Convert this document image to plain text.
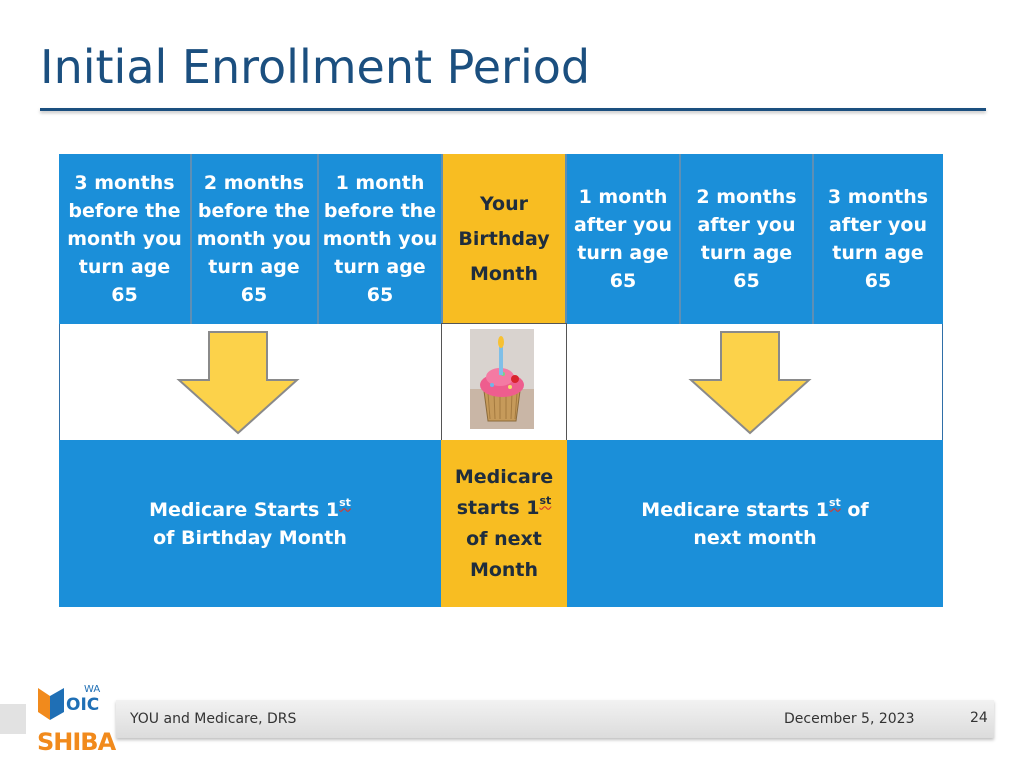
Initial Enrollment Period
3 months
before the
month you
turn age
65
2 months
before the
month you
turn age
65
1 month
before the
month you
turn age
65
Your
Birthday
Month
1 month
after you
turn age
65
2 months
after you
turn age
65
3 months
after you
turn age
65
Medicare Starts 1st
of Birthday Month
Medicare
starts 1st
of next
Month
Medicare starts 1st of
next month
YOU and Medicare, DRS	December 5, 2023	24
WA
OIC
SHIBA
